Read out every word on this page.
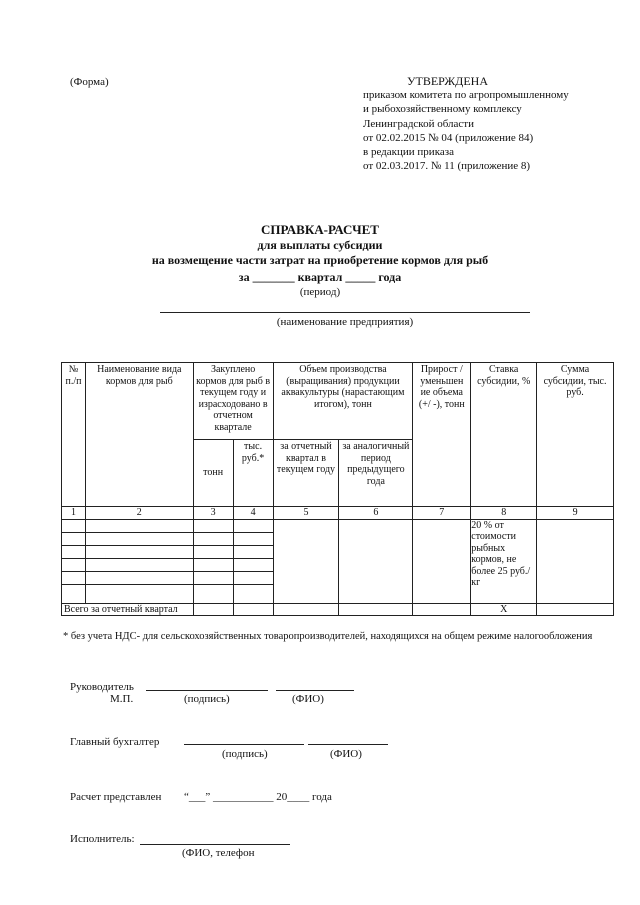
(Форма)	УТВЕРЖДЕНА
приказом комитета по агропромышленному
и рыбохозяйственному комплексу
Ленинградской области
от 02.02.2015 № 04 (приложение 84)
в редакции приказа
от 02.03.2017. № 11 (приложение 8)
СПРАВКА-РАСЧЕТ
для выплаты субсидии
на возмещение части затрат на приобретение кормов для рыб
за _______ квартал _____ года
(период)
(наименование предприятия)
№ п./п	Наименование вида кормов для рыб	Закуплено кормов для рыб в текущем году и израсходовано в отчетном квартале		Объем производства (выращивания) продукции аквакультуры (нарастающим итогом), тонн		Прирост /уменьшен ие объема (+/ -), тонн	Ставка субсидии, %	Сумма субсидии, тыс. руб.
		тонн	тыс. руб.*					
				за отчетный квартал в текущем году	за аналогичный период предыдущего года			
1	2	3	4	5	6	7	8	9
							20 % от стоимости рыбных кормов, не более 25 руб./кг	

Всего за отчетный квартал							Х	
* без учета НДС- для сельскохозяйственных товаропроизводителей, находящихся на общем режиме налогообложения
Руководитель
М.П.	(подпись)	(ФИО)
Главный бухгалтер
(подпись)	(ФИО)
Расчет представлен “___” ___________ 20____ года
Исполнитель:
(ФИО, телефон
